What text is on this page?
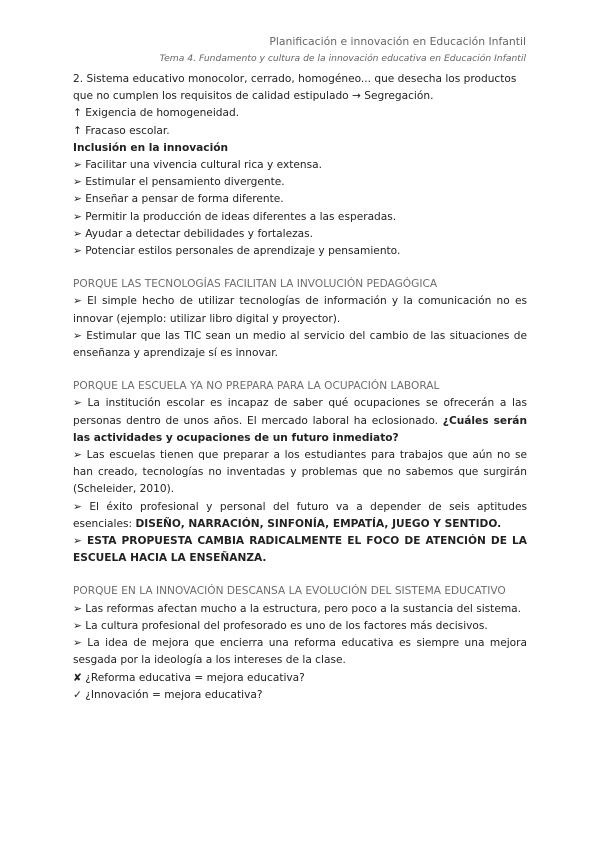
Planificación e innovación en Educación Infantil
Tema 4. Fundamento y cultura de la innovación educativa en Educación Infantil

2. Sistema educativo monocolor, cerrado, homogéneo... que desecha los productos que no cumplen los requisitos de calidad estipulado → Segregación.

↑ Exigencia de homogeneidad.

↑ Fracaso escolar.

Inclusión en la innovación

➢ Facilitar una vivencia cultural rica y extensa.

➢ Estimular el pensamiento divergente.

➢ Enseñar a pensar de forma diferente.

➢ Permitir la producción de ideas diferentes a las esperadas.

➢ Ayudar a detectar debilidades y fortalezas.

➢ Potenciar estilos personales de aprendizaje y pensamiento.

PORQUE LAS TECNOLOGÍAS FACILITAN LA INVOLUCIÓN PEDAGÓGICA

➢ El simple hecho de utilizar tecnologías de información y la comunicación no es innovar (ejemplo: utilizar libro digital y proyector).

➢ Estimular que las TIC sean un medio al servicio del cambio de las situaciones de enseñanza y aprendizaje sí es innovar.

PORQUE LA ESCUELA YA NO PREPARA PARA LA OCUPACIÓN LABORAL

➢ La institución escolar es incapaz de saber qué ocupaciones se ofrecerán a las personas dentro de unos años. El mercado laboral ha eclosionado. ¿Cuáles serán las actividades y ocupaciones de un futuro inmediato?

➢ Las escuelas tienen que preparar a los estudiantes para trabajos que aún no se han creado, tecnologías no inventadas y problemas que no sabemos que surgirán (Scheleider, 2010).

➢ El éxito profesional y personal del futuro va a depender de seis aptitudes esenciales: DISEÑO, NARRACIÓN, SINFONÍA, EMPATÍA, JUEGO Y SENTIDO.

➢ ESTA PROPUESTA CAMBIA RADICALMENTE EL FOCO DE ATENCIÓN DE LA ESCUELA HACIA LA ENSEÑANZA.

PORQUE EN LA INNOVACIÓN DESCANSA LA EVOLUCIÓN DEL SISTEMA EDUCATIVO

➢ Las reformas afectan mucho a la estructura, pero poco a la sustancia del sistema.

➢ La cultura profesional del profesorado es uno de los factores más decisivos.

➢ La idea de mejora que encierra una reforma educativa es siempre una mejora sesgada por la ideología a los intereses de la clase.

✘ ¿Reforma educativa = mejora educativa?

✓ ¿Innovación = mejora educativa?
